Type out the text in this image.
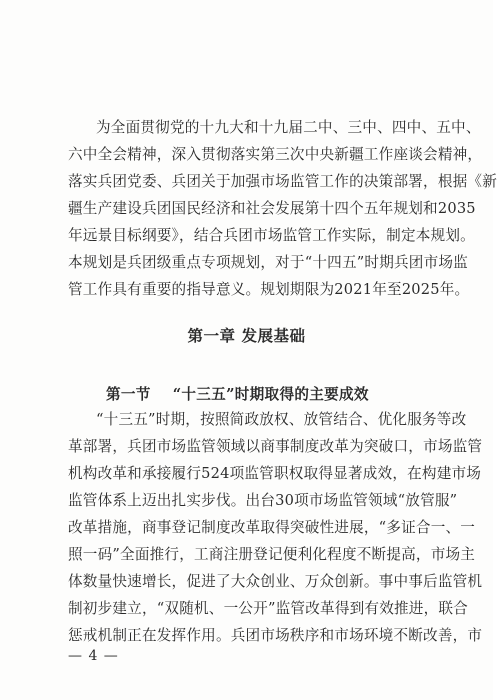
为全面贯彻党的十九大和十九届二中、三中、四中、五中、
六中全会精神，深入贯彻落实第三次中央新疆工作座谈会精神，
落实兵团党委、兵团关于加强市场监管工作的决策部署，根据《新
疆生产建设兵团国民经济和社会发展第十四个五年规划和2035
年远景目标纲要》，结合兵团市场监管工作实际，制定本规划。
本规划是兵团级重点专项规划，对于“十四五”时期兵团市场监
管工作具有重要的指导意义。规划期限为2021年至2025年。
第一章 发展基础
第一节 “十三五”时期取得的主要成效
“十三五”时期，按照简政放权、放管结合、优化服务等改
革部署，兵团市场监管领域以商事制度改革为突破口，市场监管
机构改革和承接履行524项监管职权取得显著成效，在构建市场
监管体系上迈出扎实步伐。出台30项市场监管领域“放管服”
改革措施，商事登记制度改革取得突破性进展，“多证合一、一
照一码”全面推行，工商注册登记便利化程度不断提高，市场主
体数量快速增长，促进了大众创业、万众创新。事中事后监管机
制初步建立，“双随机、一公开”监管改革得到有效推进，联合
惩戒机制正在发挥作用。兵团市场秩序和市场环境不断改善，市
— 4 —
